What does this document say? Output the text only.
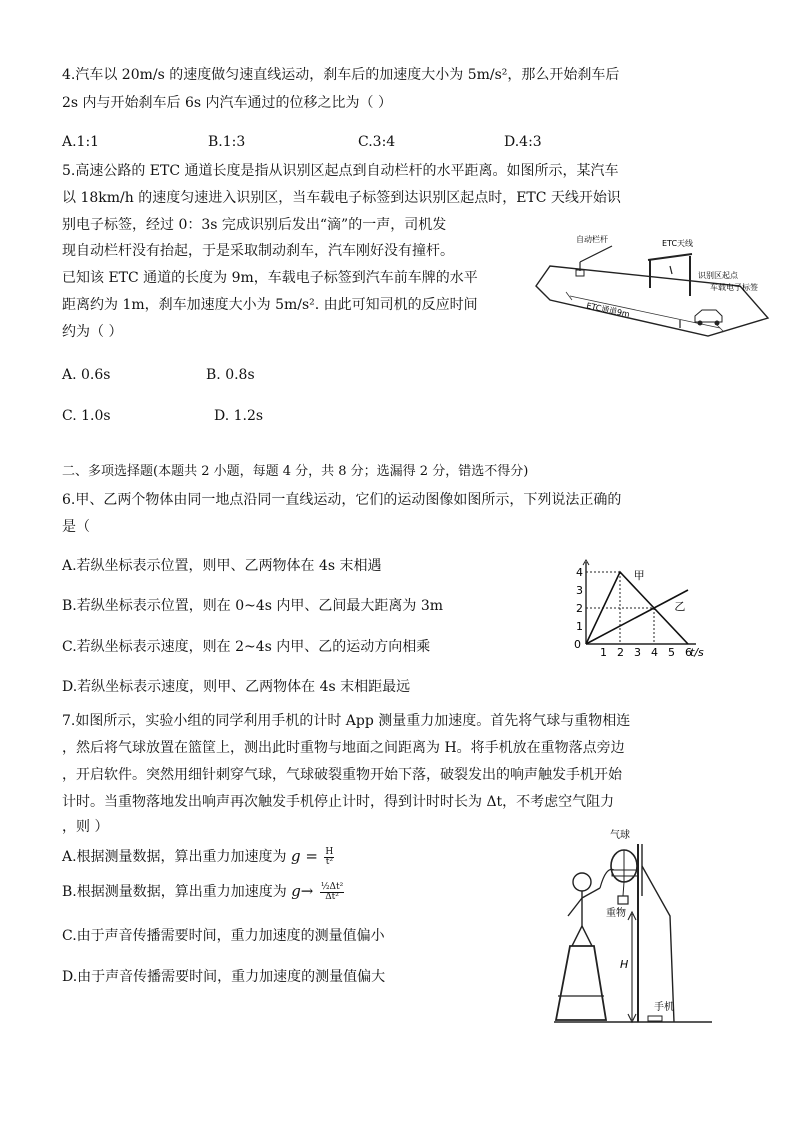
4.汽车以 20m/s 的速度做匀速直线运动，刹车后的加速度大小为 5m/s²，那么开始刹车后
2s 内与开始刹车后 6s 内汽车通过的位移之比为（ ）
A.1:1	B.1:3	C.3:4	D.4:3
5.高速公路的 ETC 通道长度是指从识别区起点到自动栏杆的水平距离。如图所示，某汽车
以 18km/h 的速度匀速进入识别区，当车载电子标签到达识别区起点时，ETC 天线开始识
别电子标签，经过 0：3s 完成识别后发出“滴”的一声，司机发
现自动栏杆没有抬起，于是采取制动刹车，汽车刚好没有撞杆。
已知该 ETC 通道的长度为 9m，车载电子标签到汽车前车牌的水平
距离约为 1m，刹车加速度大小为 5m/s². 由此可知司机的反应时间
约为（ ）
自动栏杆	ETC天线
识别区起点
车载电子标签
ETC通道9m
A. 0.6s	B. 0.8s
C. 1.0s	D. 1.2s
二、多项选择题(本题共 2 小题，每题 4 分，共 8 分；选漏得 2 分，错选不得分)
6.甲、乙两个物体由同一地点沿同一直线运动，它们的运动图像如图所示，下列说法正确的
是（
A.若纵坐标表示位置，则甲、乙两物体在 4s 末相遇
B.若纵坐标表示位置，则在 0~4s 内甲、乙间最大距离为 3m
C.若纵坐标表示速度，则在 2~4s 内甲、乙的运动方向相乘
D.若纵坐标表示速度，则甲、乙两物体在 4s 末相距最远
甲
乙
1 2 3 4 5 6
0
1
2
3
4
t/s
7.如图所示，实验小组的同学利用手机的计时 App 测量重力加速度。首先将气球与重物相连
，然后将气球放置在篮筐上，测出此时重物与地面之间距离为 H。将手机放在重物落点旁边
，开启软件。突然用细针刺穿气球，气球破裂重物开始下落，破裂发出的响声触发手机开始
计时。当重物落地发出响声再次触发手机停止计时，得到计时时长为 Δt，不考虑空气阻力
，则 ）
A.根据测量数据，算出重力加速度为 $g = \frac{H}{\text{t²}}$
B.根据测量数据，算出重力加速度为 $g\to \frac{\text{½Δt²}}{\text{Δt²}}$
C.由于声音传播需要时间，重力加速度的测量值偏小
D.由于声音传播需要时间，重力加速度的测量值偏大
气球
重物
H
手机
